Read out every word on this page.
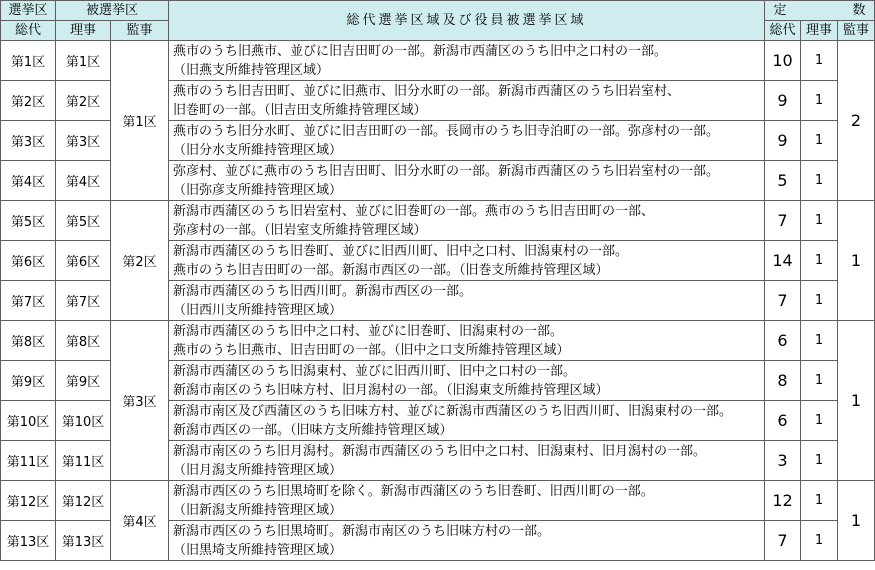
選挙区	被選挙区		総代選挙区域及び役員被選挙区域	定 数		
総代	理事	監事		総代	理事	監事
第1区	第1区	第1区	燕市のうち旧燕市、並びに旧吉田町の一部。新潟市西蒲区のうち旧中之口村の一部。
（旧燕支所維持管理区域）	10	1	2
第2区	第2区		燕市のうち旧吉田町、並びに旧燕市、旧分水町の一部。新潟市西蒲区のうち旧岩室村、
旧巻町の一部。（旧吉田支所維持管理区域）	9	1	
第3区	第3区		燕市のうち旧分水町、並びに旧吉田町の一部。長岡市のうち旧寺泊町の一部。弥彦村の一部。
（旧分水支所維持管理区域）	9	1	
第4区	第4区		弥彦村、並びに燕市のうち旧吉田町、旧分水町の一部。新潟市西蒲区のうち旧岩室村の一部。
（旧弥彦支所維持管理区域）	5	1	
第5区	第5区	第2区	新潟市西蒲区のうち旧岩室村、並びに旧巻町の一部。燕市のうち旧吉田町の一部、
弥彦村の一部。（旧岩室支所維持管理区域）	7	1	1
第6区	第6区		新潟市西蒲区のうち旧巻町、並びに旧西川町、旧中之口村、旧潟東村の一部。
燕市のうち旧吉田町の一部。新潟市西区の一部。（旧巻支所維持管理区域）	14	1	
第7区	第7区		新潟市西蒲区のうち旧西川町。新潟市西区の一部。
（旧西川支所維持管理区域）	7	1	
第8区	第8区	第3区	新潟市西蒲区のうち旧中之口村、並びに旧巻町、旧潟東村の一部。
燕市のうち旧燕市、旧吉田町の一部。（旧中之口支所維持管理区域）	6	1	1
第9区	第9区		新潟市西蒲区のうち旧潟東村、並びに旧西川町、旧中之口村の一部。
新潟市南区のうち旧味方村、旧月潟村の一部。（旧潟東支所維持管理区域）	8	1	
第10区	第10区		新潟市南区及び西蒲区のうち旧味方村、並びに新潟市西蒲区のうち旧西川町、旧潟東村の一部。
新潟市西区の一部。（旧味方支所維持管理区域）	6	1	
第11区	第11区		新潟市南区のうち旧月潟村。新潟市西蒲区のうち旧中之口村、旧潟東村、旧月潟村の一部。
（旧月潟支所維持管理区域）	3	1	
第12区	第12区	第4区	新潟市西区のうち旧黒埼町を除く。新潟市西蒲区のうち旧巻町、旧西川町の一部。
（旧新潟支所維持管理区域）	12	1	1
第13区	第13区		新潟市西区のうち旧黒埼町。新潟市南区のうち旧味方村の一部。
（旧黒埼支所維持管理区域）	7	1	
